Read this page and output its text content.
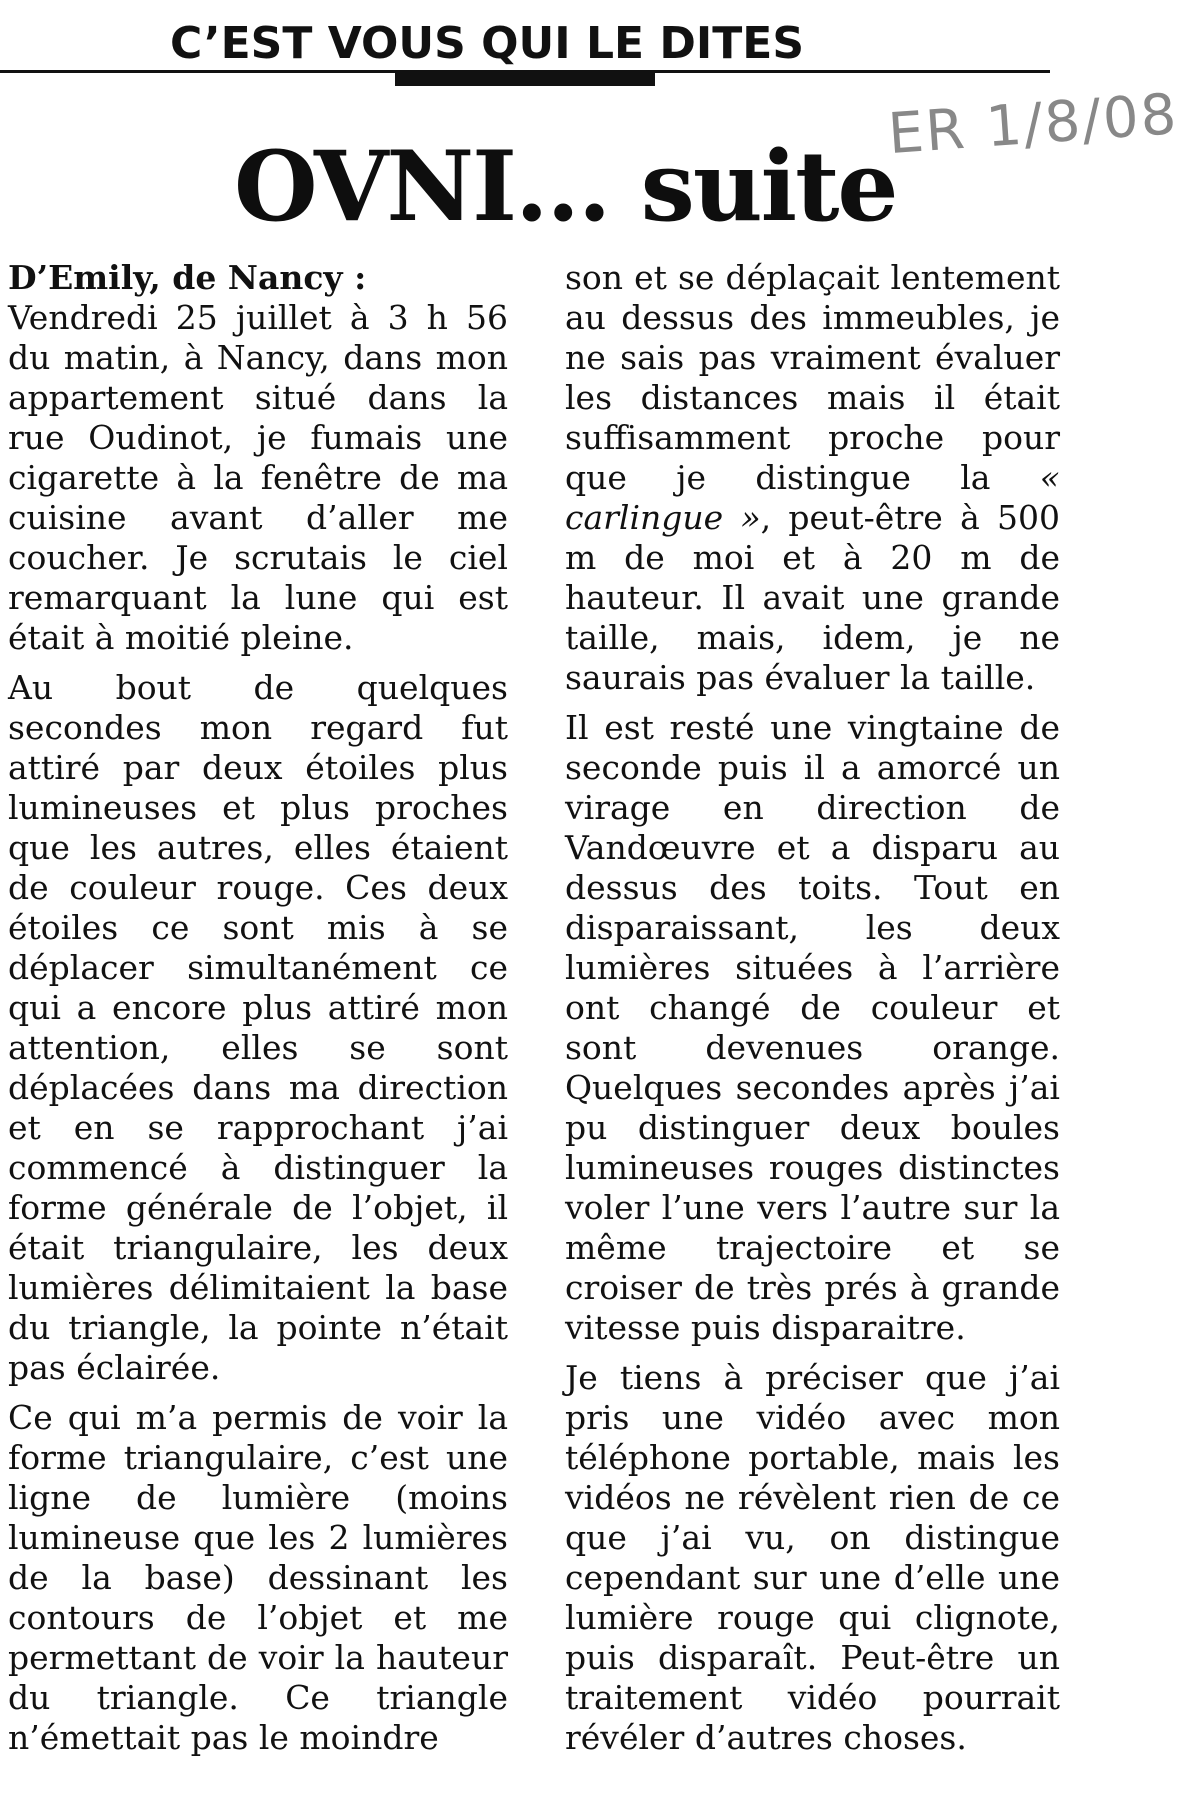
C’EST VOUS QUI LE DITES
ER 1/8/08
OVNI... suite
D’Emily, de Nancy :

Vendredi 25 juillet à 3 h 56 du matin, à Nancy, dans mon appartement situé dans la rue Oudinot, je fumais une cigarette à la fenêtre de ma cuisine avant d’aller me coucher. Je scrutais le ciel remarquant la lune qui est était à moitié pleine.

Au bout de quelques secondes mon regard fut attiré par deux étoiles plus lumineuses et plus proches que les autres, elles étaient de couleur rouge. Ces deux étoiles ce sont mis à se déplacer simultanément ce qui a encore plus attiré mon attention, elles se sont déplacées dans ma direction et en se rapprochant j’ai commencé à distinguer la forme générale de l’objet, il était triangulaire, les deux lumières délimitaient la base du triangle, la pointe n’était pas éclairée.

Ce qui m’a permis de voir la forme triangulaire, c’est une ligne de lumière (moins lumineuse que les 2 lumières de la base) dessinant les contours de l’objet et me permettant de voir la hauteur du triangle. Ce triangle n’émettait pas le moindre

son et se déplaçait lentement au dessus des immeubles, je ne sais pas vraiment évaluer les distances mais il était suffisamment proche pour que je distingue la « carlingue », peut-être à 500 m de moi et à 20 m de hauteur. Il avait une grande taille, mais, idem, je ne saurais pas évaluer la taille.

Il est resté une vingtaine de seconde puis il a amorcé un virage en direction de Vandœuvre et a disparu au dessus des toits. Tout en disparaissant, les deux lumières situées à l’arrière ont changé de couleur et sont devenues orange. Quelques secondes après j’ai pu distinguer deux boules lumineuses rouges distinctes voler l’une vers l’autre sur la même trajectoire et se croiser de très prés à grande vitesse puis disparaitre.

Je tiens à préciser que j’ai pris une vidéo avec mon téléphone portable, mais les vidéos ne révèlent rien de ce que j’ai vu, on distingue cependant sur une d’elle une lumière rouge qui clignote, puis disparaît. Peut-être un traitement vidéo pourrait révéler d’autres choses.
